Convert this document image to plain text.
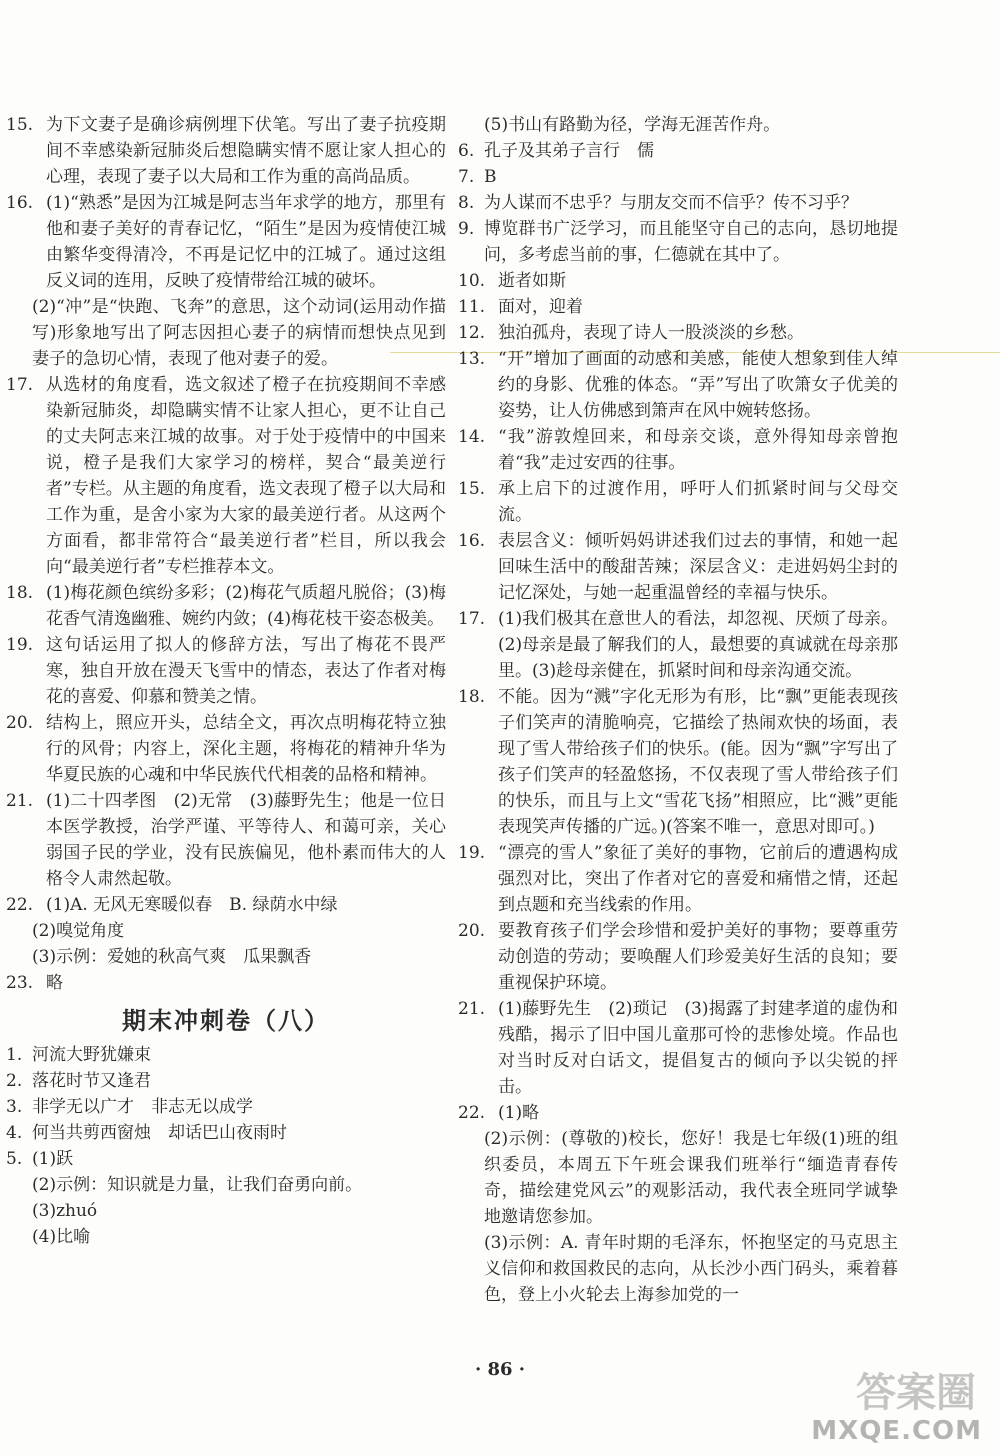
15. 为下文妻子是确诊病例埋下伏笔。写出了妻子抗疫期间不幸感染新冠肺炎后想隐瞒实情不愿让家人担心的心理，表现了妻子以大局和工作为重的高尚品质。
16. (1)“熟悉”是因为江城是阿志当年求学的地方，那里有他和妻子美好的青春记忆，“陌生”是因为疫情使江城由繁华变得清冷，不再是记忆中的江城了。通过这组反义词的连用，反映了疫情带给江城的破坏。
(2)“冲”是“快跑、飞奔”的意思，这个动词(运用动作描写)形象地写出了阿志因担心妻子的病情而想快点见到妻子的急切心情，表现了他对妻子的爱。
17. 从选材的角度看，选文叙述了橙子在抗疫期间不幸感染新冠肺炎，却隐瞒实情不让家人担心，更不让自己的丈夫阿志来江城的故事。对于处于疫情中的中国来说，橙子是我们大家学习的榜样，契合“最美逆行者”专栏。从主题的角度看，选文表现了橙子以大局和工作为重，是舍小家为大家的最美逆行者。从这两个方面看，都非常符合“最美逆行者”栏目，所以我会向“最美逆行者”专栏推荐本文。
18. (1)梅花颜色缤纷多彩；(2)梅花气质超凡脱俗；(3)梅花香气清逸幽雅、婉约内敛；(4)梅花枝干姿态极美。
19. 这句话运用了拟人的修辞方法，写出了梅花不畏严寒，独自开放在漫天飞雪中的情态，表达了作者对梅花的喜爱、仰慕和赞美之情。
20. 结构上，照应开头，总结全文，再次点明梅花特立独行的风骨；内容上，深化主题，将梅花的精神升华为华夏民族的心魂和中华民族代代相袭的品格和精神。
21. (1)二十四孝图　(2)无常　(3)藤野先生；他是一位日本医学教授，治学严谨、平等待人、和蔼可亲，关心弱国子民的学业，没有民族偏见，他朴素而伟大的人格令人肃然起敬。
22. (1)A. 无风无寒暖似春　B. 绿荫水中绿
(2)嗅觉角度
(3)示例：爱她的秋高气爽　瓜果飘香
23. 略
期末冲刺卷（八）
1. 河流大野犹嫌束
2. 落花时节又逢君
3. 非学无以广才　非志无以成学
4. 何当共剪西窗烛　却话巴山夜雨时
5. (1)跃
(2)示例：知识就是力量，让我们奋勇向前。
(3)zhuó
(4)比喻
(5)书山有路勤为径，学海无涯苦作舟。
6. 孔子及其弟子言行　儒
7. B
8. 为人谋而不忠乎？与朋友交而不信乎？传不习乎？
9. 博览群书广泛学习，而且能坚守自己的志向，恳切地提问，多考虑当前的事，仁德就在其中了。
10. 逝者如斯
11. 面对，迎着
12. 独泊孤舟，表现了诗人一股淡淡的乡愁。
13. “开”增加了画面的动感和美感，能使人想象到佳人绰约的身影、优雅的体态。“弄”写出了吹箫女子优美的姿势，让人仿佛感到箫声在风中婉转悠扬。
14. “我”游敦煌回来，和母亲交谈，意外得知母亲曾抱着“我”走过安西的往事。
15. 承上启下的过渡作用，呼吁人们抓紧时间与父母交流。
16. 表层含义：倾听妈妈讲述我们过去的事情，和她一起回味生活中的酸甜苦辣；深层含义：走进妈妈尘封的记忆深处，与她一起重温曾经的幸福与快乐。
17. (1)我们极其在意世人的看法，却忽视、厌烦了母亲。(2)母亲是最了解我们的人，最想要的真诚就在母亲那里。(3)趁母亲健在，抓紧时间和母亲沟通交流。
18. 不能。因为“溅”字化无形为有形，比“飘”更能表现孩子们笑声的清脆响亮，它描绘了热闹欢快的场面，表现了雪人带给孩子们的快乐。(能。因为“飘”字写出了孩子们笑声的轻盈悠扬，不仅表现了雪人带给孩子们的快乐，而且与上文“雪花飞扬”相照应，比“溅”更能表现笑声传播的广远。)(答案不唯一，意思对即可。)
19. “漂亮的雪人”象征了美好的事物，它前后的遭遇构成强烈对比，突出了作者对它的喜爱和痛惜之情，还起到点题和充当线索的作用。
20. 要教育孩子们学会珍惜和爱护美好的事物；要尊重劳动创造的劳动；要唤醒人们珍爱美好生活的良知；要重视保护环境。
21. (1)藤野先生　(2)琐记　(3)揭露了封建孝道的虚伪和残酷，揭示了旧中国儿童那可怜的悲惨处境。作品也对当时反对白话文，提倡复古的倾向予以尖锐的抨击。
22. (1)略
(2)示例：(尊敬的)校长，您好！我是七年级(1)班的组织委员，本周五下午班会课我们班举行“缅造青春传奇，描绘建党风云”的观影活动，我代表全班同学诚挚地邀请您参加。
(3)示例：A. 青年时期的毛泽东，怀抱坚定的马克思主义信仰和救国救民的志向，从长沙小西门码头，乘着暮色，登上小火轮去上海参加党的一
· 86 ·
答案圈
MXQE.COM
